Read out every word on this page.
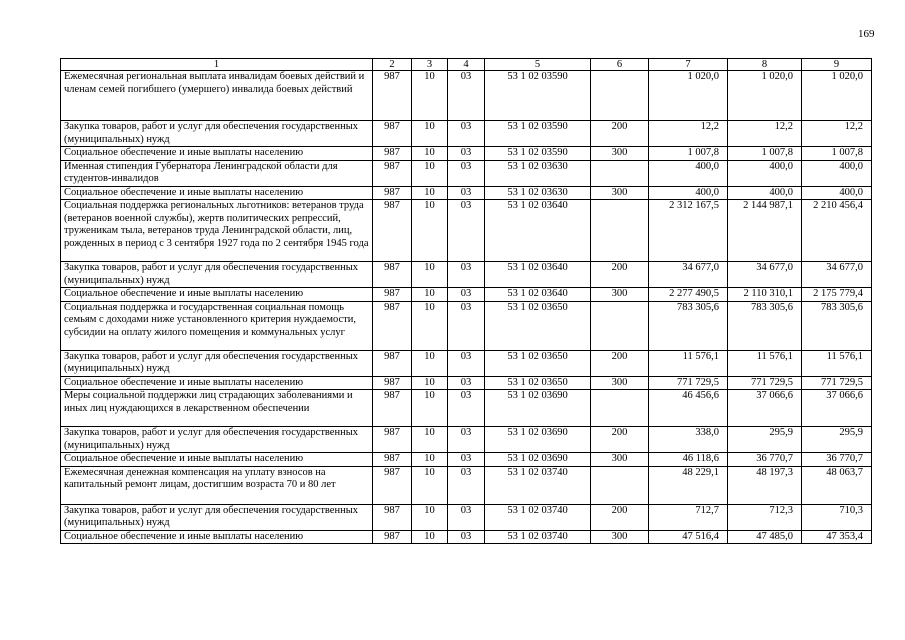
169
1	2	3	4	5	6	7	8	9
Ежемесячная региональная выплата инвалидам боевых действий и членам семей погибшего (умершего) инвалида боевых действий	987	10	03	53 1 02 03590		1 020,0	1 020,0	1 020,0
Закупка товаров, работ и услуг для обеспечения государственных (муниципальных) нужд	987	10	03	53 1 02 03590	200	12,2	12,2	12,2
Социальное обеспечение и иные выплаты населению	987	10	03	53 1 02 03590	300	1 007,8	1 007,8	1 007,8
Именная стипендия Губернатора Ленинградской области для студентов-инвалидов	987	10	03	53 1 02 03630		400,0	400,0	400,0
Социальное обеспечение и иные выплаты населению	987	10	03	53 1 02 03630	300	400,0	400,0	400,0
Социальная поддержка региональных льготников: ветеранов труда (ветеранов военной службы), жертв политических репрессий, труженикам тыла, ветеранов труда Ленинградской области, лиц, рожденных в период с 3 сентября 1927 года по 2 сентября 1945 года	987	10	03	53 1 02 03640		2 312 167,5	2 144 987,1	2 210 456,4
Закупка товаров, работ и услуг для обеспечения государственных (муниципальных) нужд	987	10	03	53 1 02 03640	200	34 677,0	34 677,0	34 677,0
Социальное обеспечение и иные выплаты населению	987	10	03	53 1 02 03640	300	2 277 490,5	2 110 310,1	2 175 779,4
Социальная поддержка и государственная социальная помощь семьям с доходами ниже установленного критерия нуждаемости, субсидии на оплату жилого помещения и коммунальных услуг	987	10	03	53 1 02 03650		783 305,6	783 305,6	783 305,6
Закупка товаров, работ и услуг для обеспечения государственных (муниципальных) нужд	987	10	03	53 1 02 03650	200	11 576,1	11 576,1	11 576,1
Социальное обеспечение и иные выплаты населению	987	10	03	53 1 02 03650	300	771 729,5	771 729,5	771 729,5
Меры социальной поддержки лиц страдающих заболеваниями и иных лиц нуждающихся в лекарственном обеспечении	987	10	03	53 1 02 03690		46 456,6	37 066,6	37 066,6
Закупка товаров, работ и услуг для обеспечения государственных (муниципальных) нужд	987	10	03	53 1 02 03690	200	338,0	295,9	295,9
Социальное обеспечение и иные выплаты населению	987	10	03	53 1 02 03690	300	46 118,6	36 770,7	36 770,7
Ежемесячная денежная компенсация на уплату взносов на капитальный ремонт лицам, достигшим возраста 70 и 80 лет	987	10	03	53 1 02 03740		48 229,1	48 197,3	48 063,7
Закупка товаров, работ и услуг для обеспечения государственных (муниципальных) нужд	987	10	03	53 1 02 03740	200	712,7	712,3	710,3
Социальное обеспечение и иные выплаты населению	987	10	03	53 1 02 03740	300	47 516,4	47 485,0	47 353,4
